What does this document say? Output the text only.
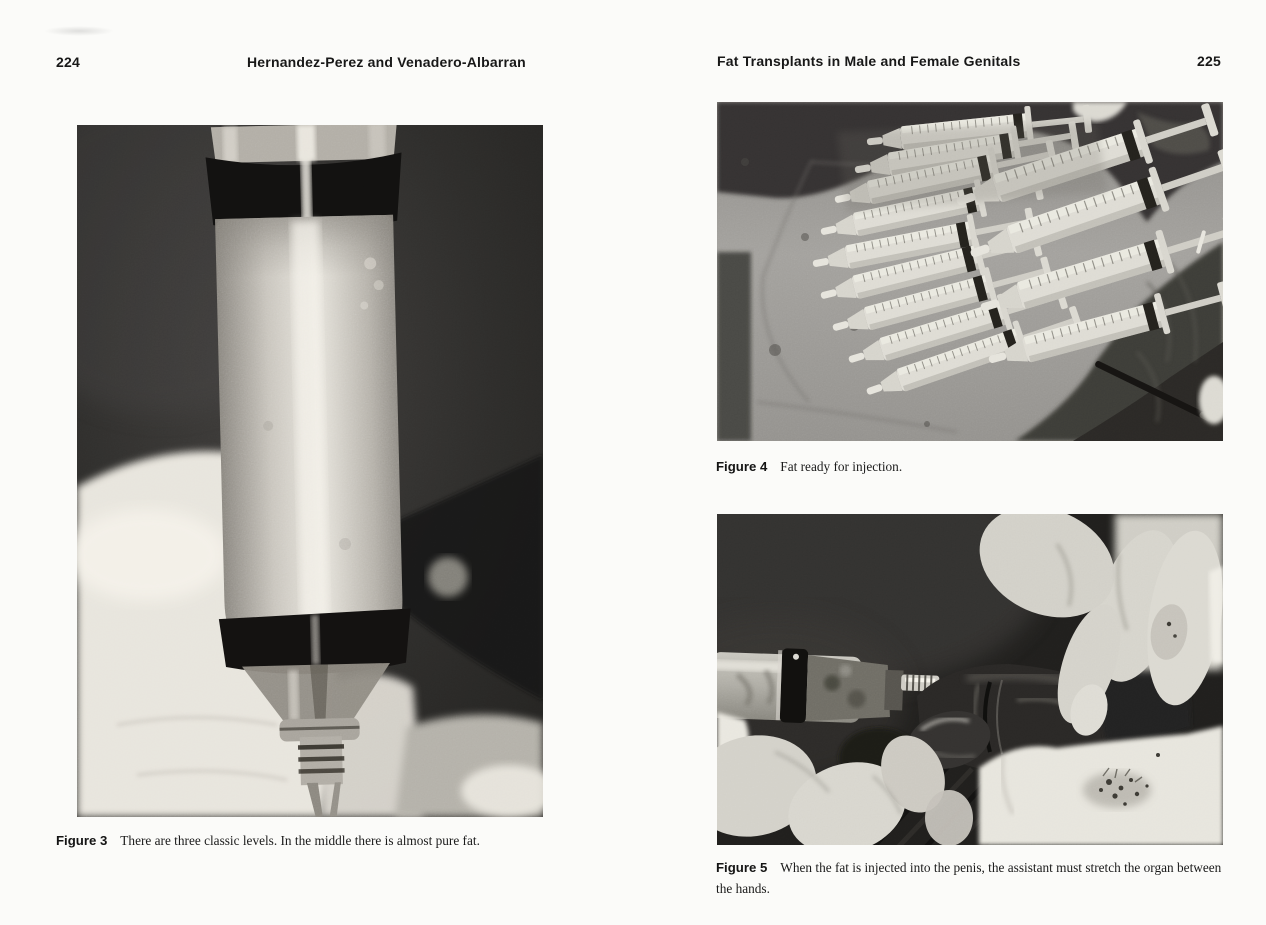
224	Hernandez-Perez and Venadero-Albarran	Fat Transplants in Male and Female Genitals	225
Figure 3 There are three classic levels. In the middle there is almost pure fat.
Figure 4 Fat ready for injection.
Figure 5 When the fat is injected into the penis, the assistant must stretch the organ between the hands.
